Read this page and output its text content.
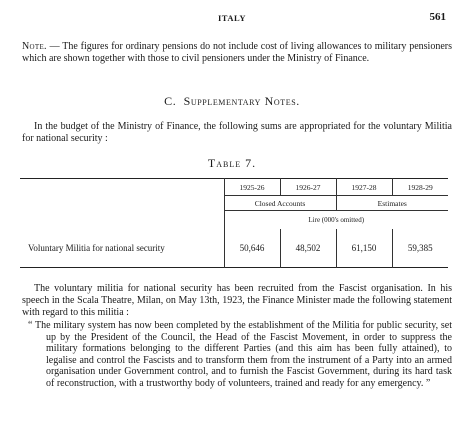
ITALY	561
Note. — The figures for ordinary pensions do not include cost of living allowances to military pensioners which are shown together with those to civil pensioners under the Ministry of Finance.
C. Supplementary Notes.

In the budget of the Ministry of Finance, the following sums are appropriated for the voluntary Militia for national security :

Table 7.
	1925-26	1926-27	1927-28	1928-29
	Closed Accounts		Estimates	
	Lire (000's omitted)			
Voluntary Militia for national security	50,646	48,502	61,150	59,385

The voluntary militia for national security has been recruited from the Fascist organisation. In his speech in the Scala Theatre, Milan, on May 13th, 1923, the Finance Minister made the following statement with regard to this militia :

“ The military system has now been completed by the establishment of the Militia for public security, set up by the President of the Council, the Head of the Fascist Movement, in order to suppress the military formations belonging to the different Parties (and this aim has been fully attained), to legalise and control the Fascists and to transform them from the instrument of a Party into an armed organisation under Government control, and to furnish the Fascist Government, during its hard task of reconstruction, with a trustworthy body of volunteers, trained and ready for any emergency. ”
